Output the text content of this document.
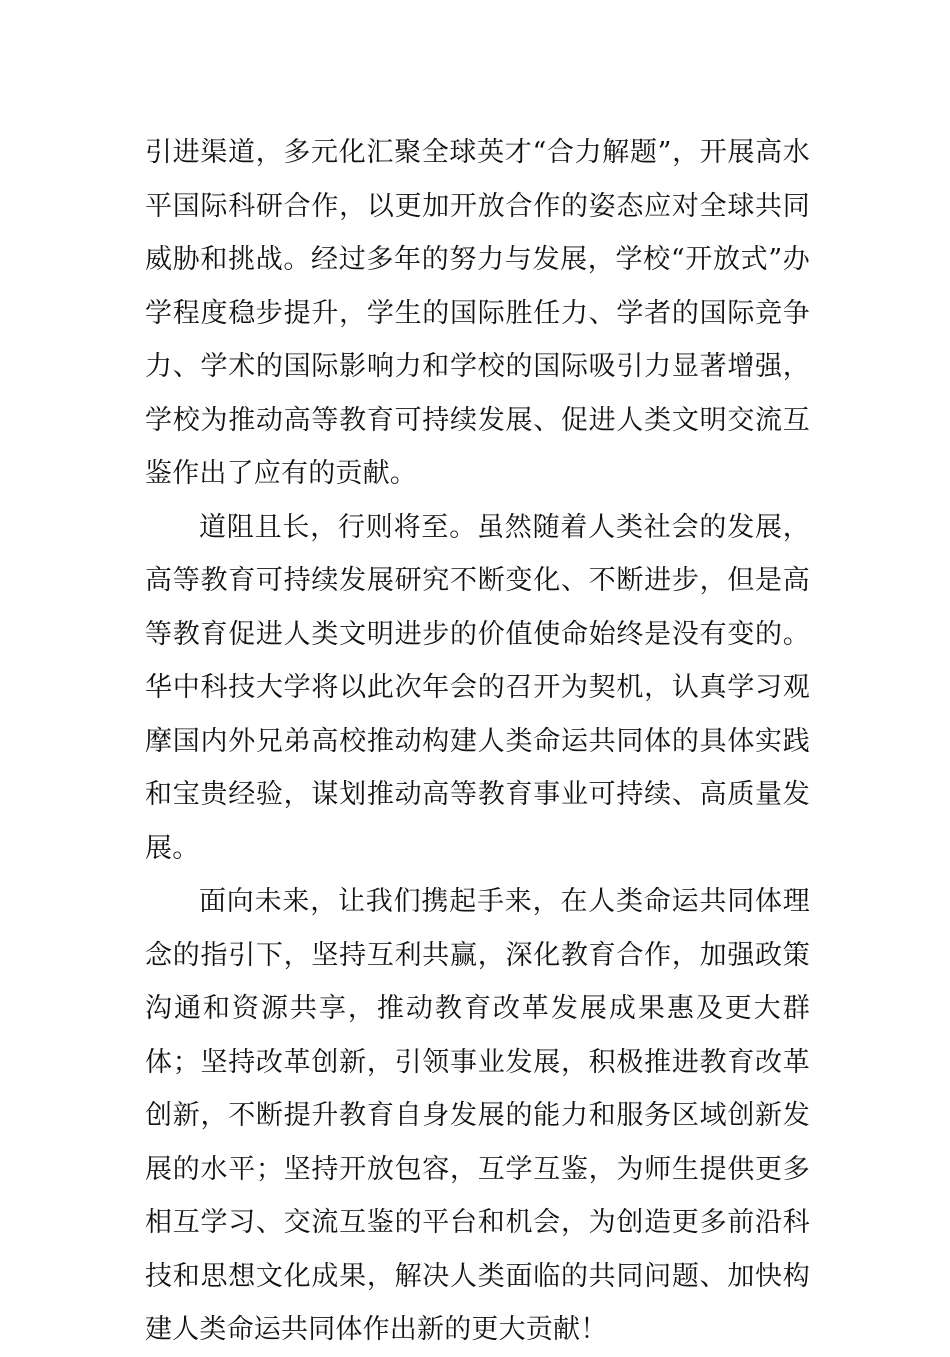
引进渠道，多元化汇聚全球英才“合力解题”，开展高水平国际科研合作，以更加开放合作的姿态应对全球共同威胁和挑战。经过多年的努力与发展，学校“开放式”办学程度稳步提升，学生的国际胜任力、学者的国际竞争力、学术的国际影响力和学校的国际吸引力显著增强，学校为推动高等教育可持续发展、促进人类文明交流互鉴作出了应有的贡献。

道阻且长，行则将至。虽然随着人类社会的发展，高等教育可持续发展研究不断变化、不断进步，但是高等教育促进人类文明进步的价值使命始终是没有变的。华中科技大学将以此次年会的召开为契机，认真学习观摩国内外兄弟高校推动构建人类命运共同体的具体实践和宝贵经验，谋划推动高等教育事业可持续、高质量发展。

面向未来，让我们携起手来，在人类命运共同体理念的指引下，坚持互利共赢，深化教育合作，加强政策沟通和资源共享，推动教育改革发展成果惠及更大群体；坚持改革创新，引领事业发展，积极推进教育改革创新，不断提升教育自身发展的能力和服务区域创新发展的水平；坚持开放包容，互学互鉴，为师生提供更多相互学习、交流互鉴的平台和机会，为创造更多前沿科技和思想文化成果，解决人类面临的共同问题、加快构建人类命运共同体作出新的更大贡献！
